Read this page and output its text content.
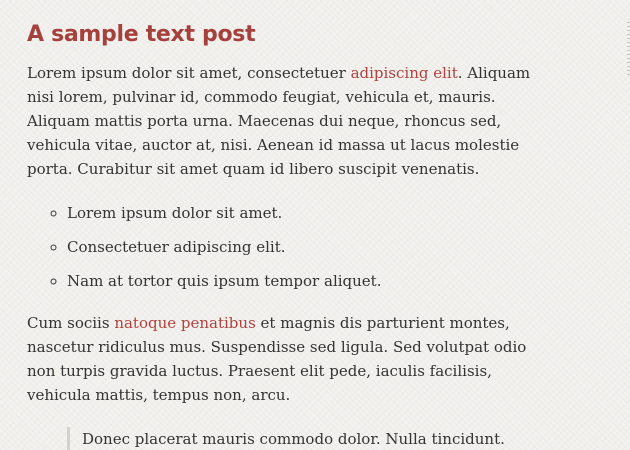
A sample text post

Lorem ipsum dolor sit amet, consectetuer adipiscing elit. Aliquam nisi lorem, pulvinar id, commodo feugiat, vehicula et, mauris. Aliquam mattis porta urna. Maecenas dui neque, rhoncus sed, vehicula vitae, auctor at, nisi. Aenean id massa ut lacus molestie porta. Curabitur sit amet quam id libero suscipit venenatis.

◦ Lorem ipsum dolor sit amet.
◦ Consectetuer adipiscing elit.
◦ Nam at tortor quis ipsum tempor aliquet.

Cum sociis natoque penatibus et magnis dis parturient montes, nascetur ridiculus mus. Suspendisse sed ligula. Sed volutpat odio non turpis gravida luctus. Praesent elit pede, iaculis facilisis, vehicula mattis, tempus non, arcu.

Donec placerat mauris commodo dolor. Nulla tincidunt.
